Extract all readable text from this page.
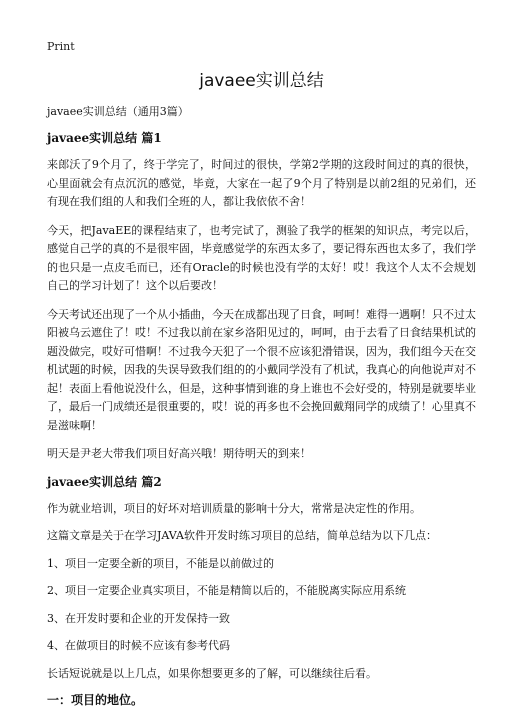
Print
javaee实训总结
javaee实训总结（通用3篇）
javaee实训总结 篇1

来郎沃了9个月了，终于学完了，时间过的很快，学第2学期的这段时间过的真的很快，心里面就会有点沉沉的感觉，毕竟，大家在一起了9个月了特别是以前2组的兄弟们，还有现在我们组的人和我们全班的人，都让我依依不舍！

今天，把JavaEE的课程结束了，也考完试了，测验了我学的框架的知识点，考完以后，感觉自己学的真的不是很牢固，毕竟感觉学的东西太多了，要记得东西也太多了，我们学的也只是一点皮毛而已，还有Oracle的时候也没有学的太好！哎！我这个人太不会规划自己的学习计划了！这个以后要改！

今天考试还出现了一个从小插曲，今天在成都出现了日食，呵呵！难得一遇啊！只不过太阳被乌云遮住了！哎！不过我以前在家乡洛阳见过的，呵呵，由于去看了日食结果机试的题没做完，哎好可惜啊！不过我今天犯了一个很不应该犯滑错误，因为，我们组今天在交机试题的时候，因我的失误导致我们组的的小戴同学没有了机试，我真心的向他说声对不起！表面上看他说没什么，但是，这种事情到谁的身上谁也不会好受的，特别是就要毕业了，最后一门成绩还是很重要的，哎！说的再多也不会挽回戴翔同学的成绩了！心里真不是滋味啊！

明天是尹老大带我们项目好高兴哦！期待明天的到来！

javaee实训总结 篇2

作为就业培训，项目的好坏对培训质量的影响十分大，常常是决定性的作用。

这篇文章是关于在学习JAVA软件开发时练习项目的总结，简单总结为以下几点：

1、项目一定要全新的项目，不能是以前做过的

2、项目一定要企业真实项目，不能是精简以后的，不能脱离实际应用系统

3、在开发时要和企业的开发保持一致

4、在做项目的时候不应该有参考代码

长话短说就是以上几点，如果你想要更多的了解，可以继续往后看。

一：项目的地位。
